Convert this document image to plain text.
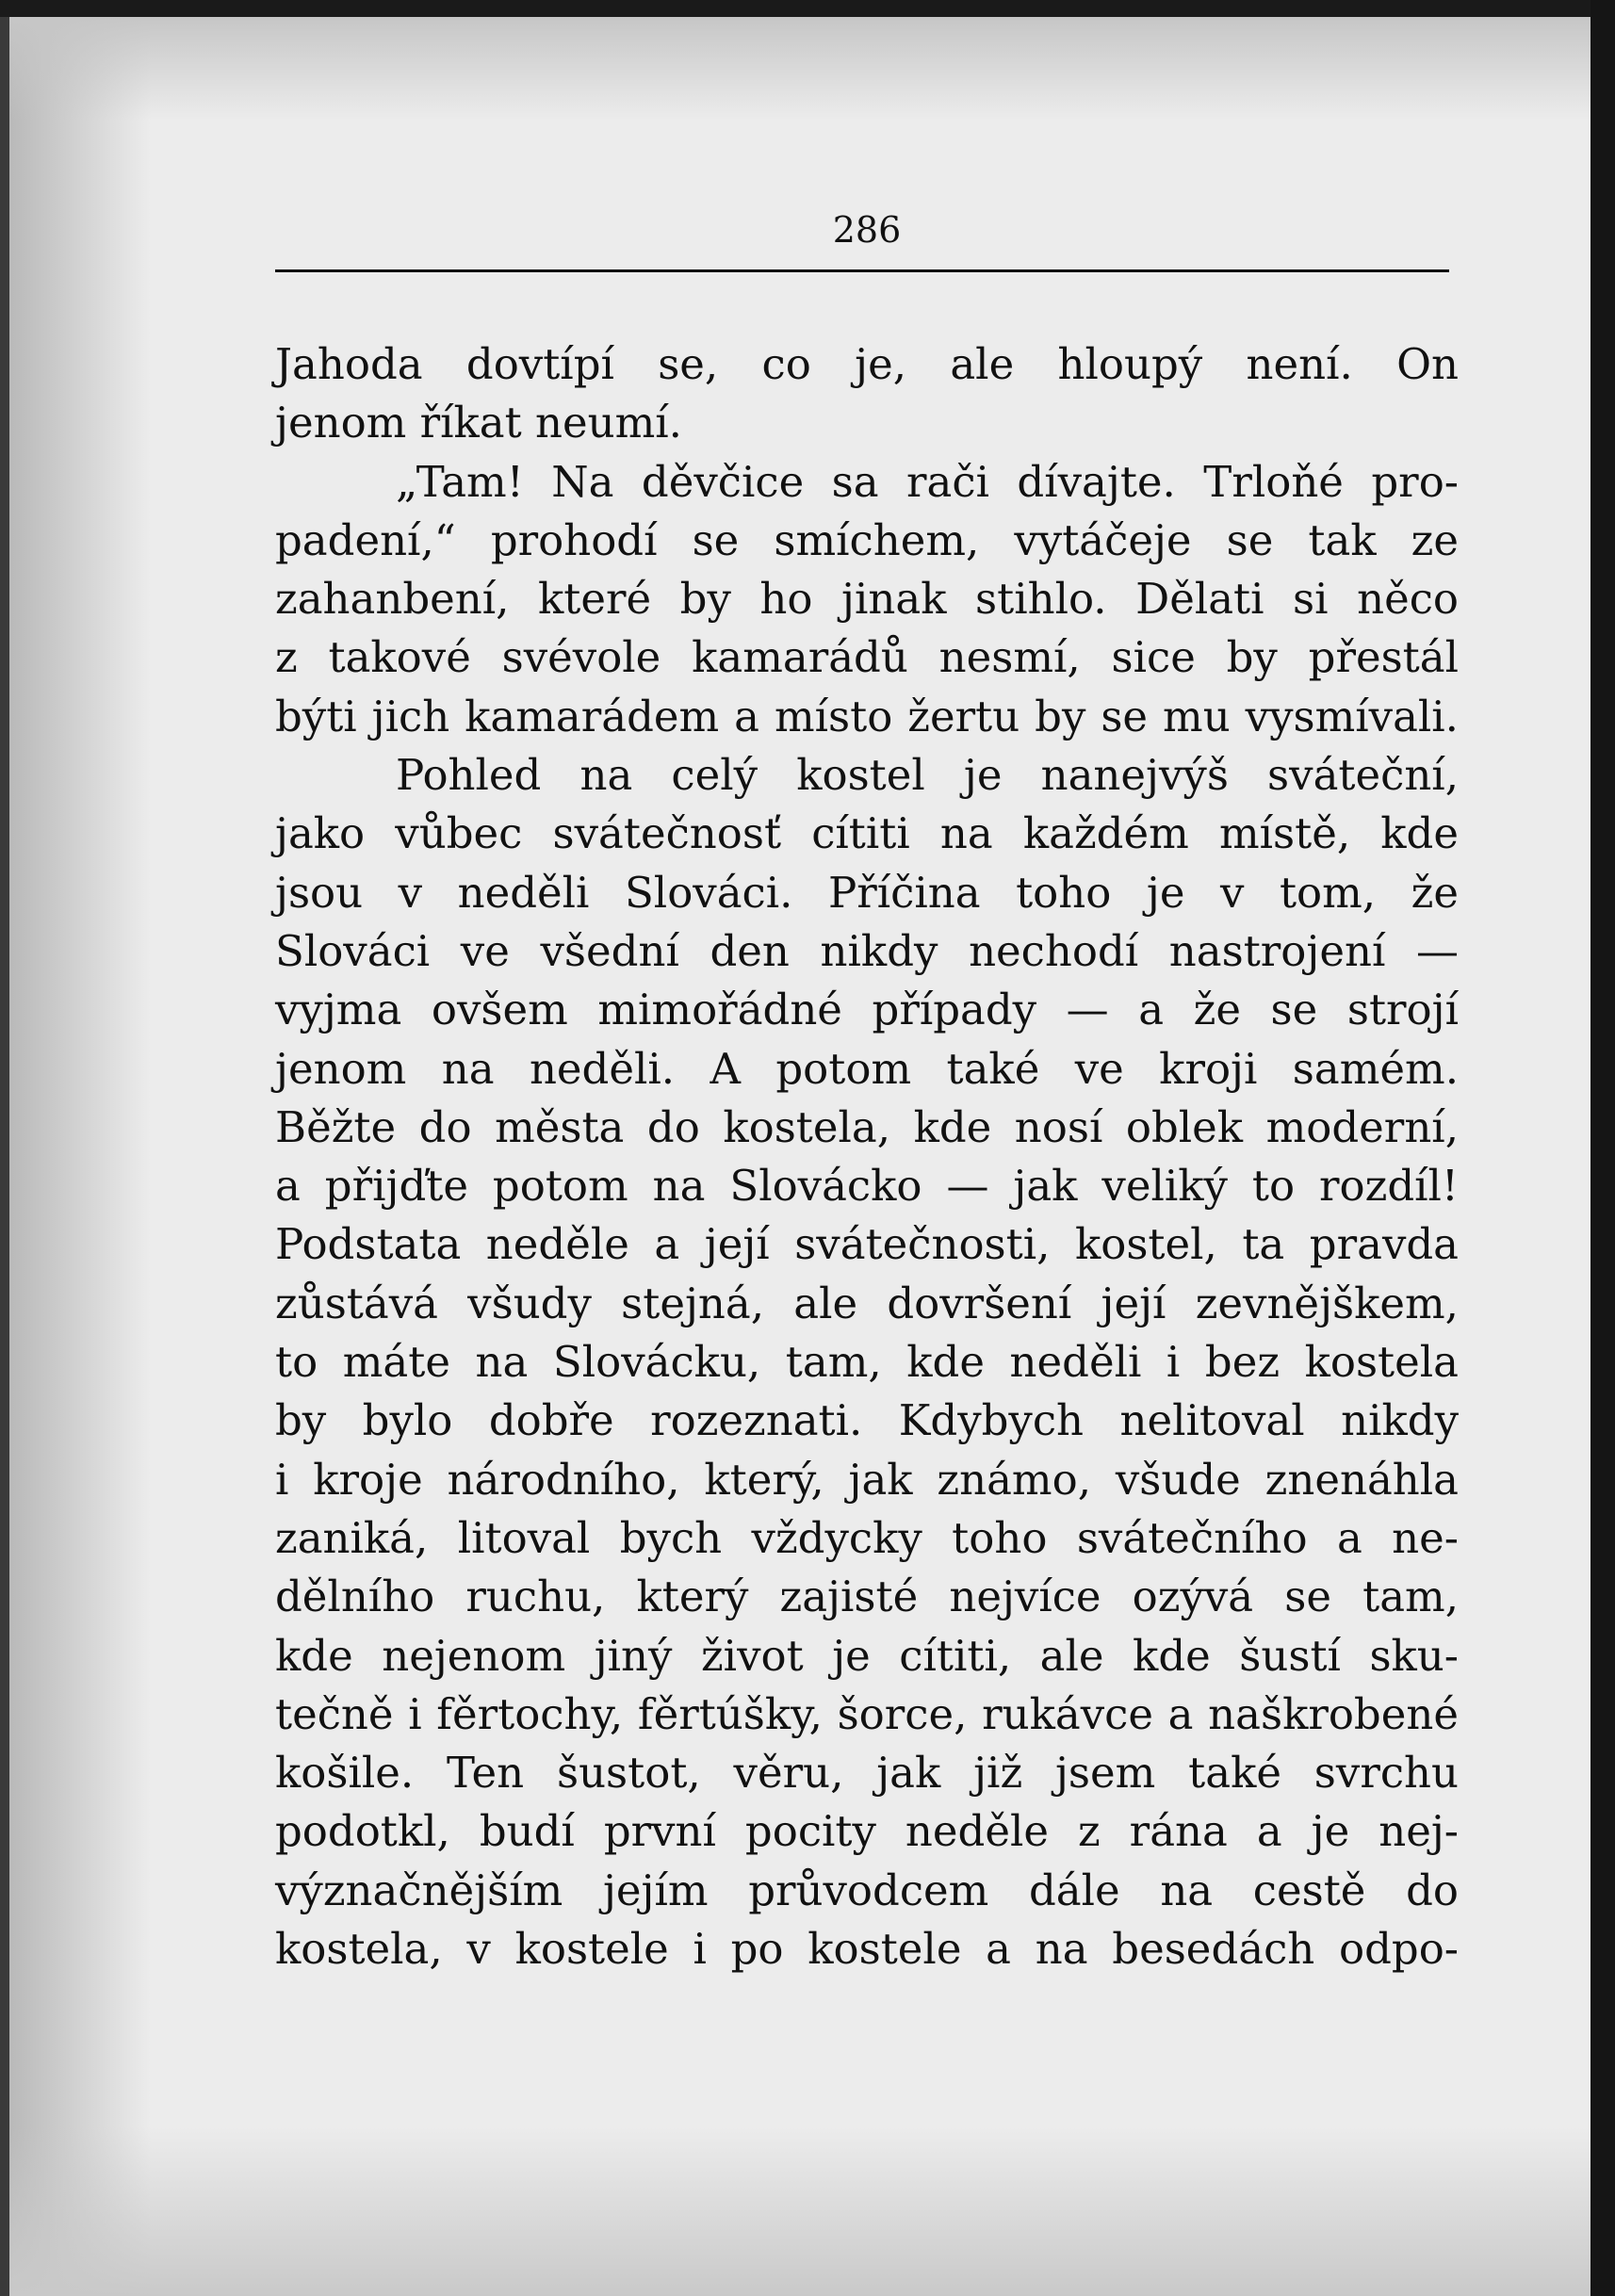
286
Jahoda dovtípí se, co je, ale hloupý není. On
jenom říkat neumí.
„Tam! Na děvčice sa rači dívajte. Trloňé pro-
padení,“ prohodí se smíchem, vytáčeje se tak ze
zahanbení, které by ho jinak stihlo. Dělati si něco
z takové svévole kamarádů nesmí, sice by přestál
býti jich kamarádem a místo žertu by se mu vysmívali.
Pohled na celý kostel je nanejvýš sváteční,
jako vůbec svátečnosť cítiti na každém místě, kde
jsou v neděli Slováci. Příčina toho je v tom, že
Slováci ve všední den nikdy nechodí nastrojení —
vyjma ovšem mimořádné případy — a že se strojí
jenom na neděli. A potom také ve kroji samém.
Běžte do města do kostela, kde nosí oblek moderní,
a přijďte potom na Slovácko — jak veliký to rozdíl!
Podstata neděle a její svátečnosti, kostel, ta pravda
zůstává všudy stejná, ale dovršení její zevnějškem,
to máte na Slovácku, tam, kde neděli i bez kostela
by bylo dobře rozeznati. Kdybych nelitoval nikdy
i kroje národního, který, jak známo, všude znenáhla
zaniká, litoval bych vždycky toho svátečního a ne-
dělního ruchu, který zajisté nejvíce ozývá se tam,
kde nejenom jiný život je cítiti, ale kde šustí sku-
tečně i fěrtochy, fěrtúšky, šorce, rukávce a naškrobené
košile. Ten šustot, věru, jak již jsem také svrchu
podotkl, budí první pocity neděle z rána a je nej-
význačnějším jejím průvodcem dále na cestě do
kostela, v kostele i po kostele a na besedách odpo-
